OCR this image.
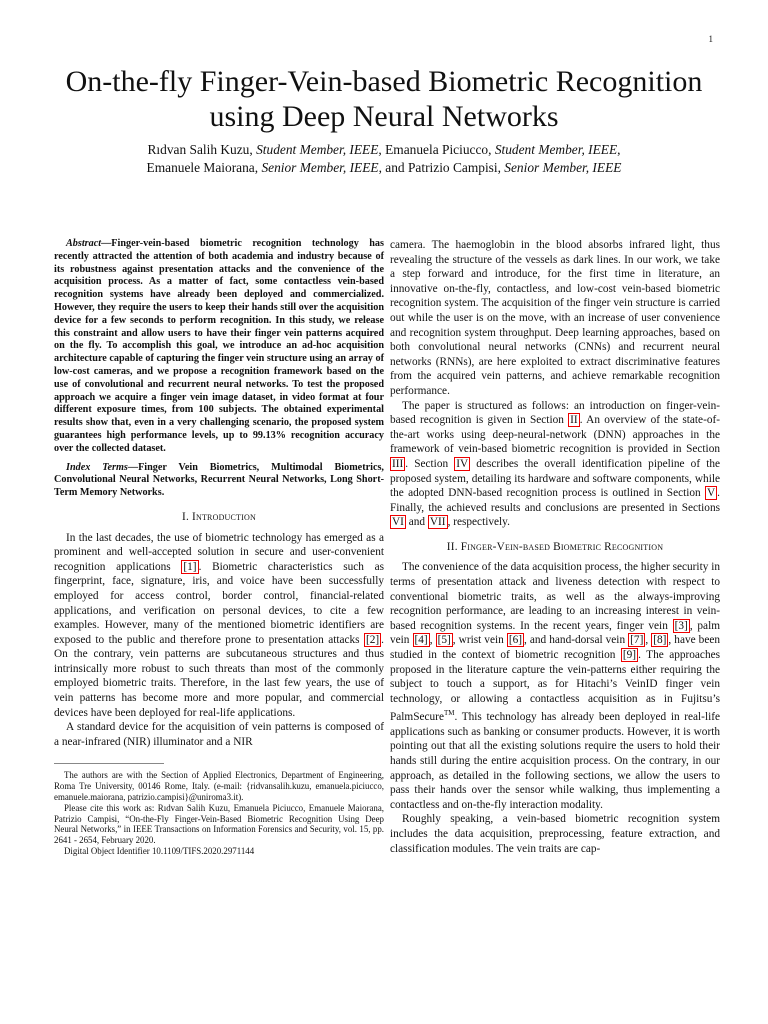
1
On-the-fly Finger-Vein-based Biometric Recognition using Deep Neural Networks
Rıdvan Salih Kuzu, Student Member, IEEE, Emanuela Piciucco, Student Member, IEEE,
Emanuele Maiorana, Senior Member, IEEE, and Patrizio Campisi, Senior Member, IEEE

Abstract—Finger-vein-based biometric recognition technology has recently attracted the attention of both academia and industry because of its robustness against presentation attacks and the convenience of the acquisition process. As a matter of fact, some contactless vein-based recognition systems have already been deployed and commercialized. However, they require the users to keep their hands still over the acquisition device for a few seconds to perform recognition. In this study, we release this constraint and allow users to have their finger vein patterns acquired on the fly. To accomplish this goal, we introduce an ad-hoc acquisition architecture capable of capturing the finger vein structure using an array of low-cost cameras, and we propose a recognition framework based on the use of convolutional and recurrent neural networks. To test the proposed approach we acquire a finger vein image dataset, in video format at four different exposure times, from 100 subjects. The obtained experimental results show that, even in a very challenging scenario, the proposed system guarantees high performance levels, up to 99.13% recognition accuracy over the collected dataset.

Index Terms—Finger Vein Biometrics, Multimodal Biometrics, Convolutional Neural Networks, Recurrent Neural Networks, Long Short-Term Memory Networks.

I. Introduction

In the last decades, the use of biometric technology has emerged as a prominent and well-accepted solution in secure and user-convenient recognition applications [1] . Biometric characteristics such as fingerprint, face, signature, iris, and voice have been successfully employed for access control, border control, financial-related applications, and verification on personal devices, to cite a few examples. However, many of the mentioned biometric identifiers are exposed to the public and therefore prone to presentation attacks [2] . On the contrary, vein patterns are subcutaneous structures and thus intrinsically more robust to such threats than most of the commonly employed biometric traits. Therefore, in the last few years, the use of vein patterns has become more and more popular, and commercial devices have been deployed for real-life applications.

A standard device for the acquisition of vein patterns is composed of a near-infrared (NIR) illuminator and a NIR

The authors are with the Section of Applied Electronics, Department of Engineering, Roma Tre University, 00146 Rome, Italy. (e-mail: {ridvansalih.kuzu, emanuela.piciucco, emanuele.maiorana, patrizio.campisi}@uniroma3.it).

Please cite this work as: Rıdvan Salih Kuzu, Emanuela Piciucco, Emanuele Maiorana, Patrizio Campisi, “On-the-Fly Finger-Vein-Based Biometric Recognition Using Deep Neural Networks,” in IEEE Transactions on Information Forensics and Security, vol. 15, pp. 2641 - 2654, February 2020.

Digital Object Identifier 10.1109/TIFS.2020.2971144

camera. The haemoglobin in the blood absorbs infrared light, thus revealing the structure of the vessels as dark lines. In our work, we take a step forward and introduce, for the first time in literature, an innovative on-the-fly, contactless, and low-cost vein-based biometric recognition system. The acquisition of the finger vein structure is carried out while the user is on the move, with an increase of user convenience and recognition system throughput. Deep learning approaches, based on both convolutional neural networks (CNNs) and recurrent neural networks (RNNs), are here exploited to extract discriminative features from the acquired vein patterns, and achieve remarkable recognition performance.

The paper is structured as follows: an introduction on finger-vein-based recognition is given in Section II . An overview of the state-of-the-art works using deep-neural-network (DNN) approaches in the framework of vein-based biometric recognition is provided in Section III . Section IV describes the overall identification pipeline of the proposed system, detailing its hardware and software components, while the adopted DNN-based recognition process is outlined in Section V . Finally, the achieved results and conclusions are presented in Sections VI and VII , respectively.

II. Finger-Vein-based Biometric Recognition

The convenience of the data acquisition process, the higher security in terms of presentation attack and liveness detection with respect to conventional biometric traits, as well as the always-improving recognition performance, are leading to an increasing interest in vein-based recognition systems. In the recent years, finger vein [3] , palm vein [4] , [5] , wrist vein [6] , and hand-dorsal vein [7] , [8] , have been studied in the context of biometric recognition [9] . The approaches proposed in the literature capture the vein-patterns either requiring the subject to touch a support, as for Hitachi’s VeinID finger vein technology, or allowing a contactless acquisition as in Fujitsu’s PalmSecure™. This technology has already been deployed in real-life applications such as banking or consumer products. However, it is worth pointing out that all the existing solutions require the users to hold their hands still during the entire acquisition process. On the contrary, in our approach, as detailed in the following sections, we allow the users to pass their hands over the sensor while walking, thus implementing a contactless and on-the-fly interaction modality.

Roughly speaking, a vein-based biometric recognition system includes the data acquisition, preprocessing, feature extraction, and classification modules. The vein traits are cap-
